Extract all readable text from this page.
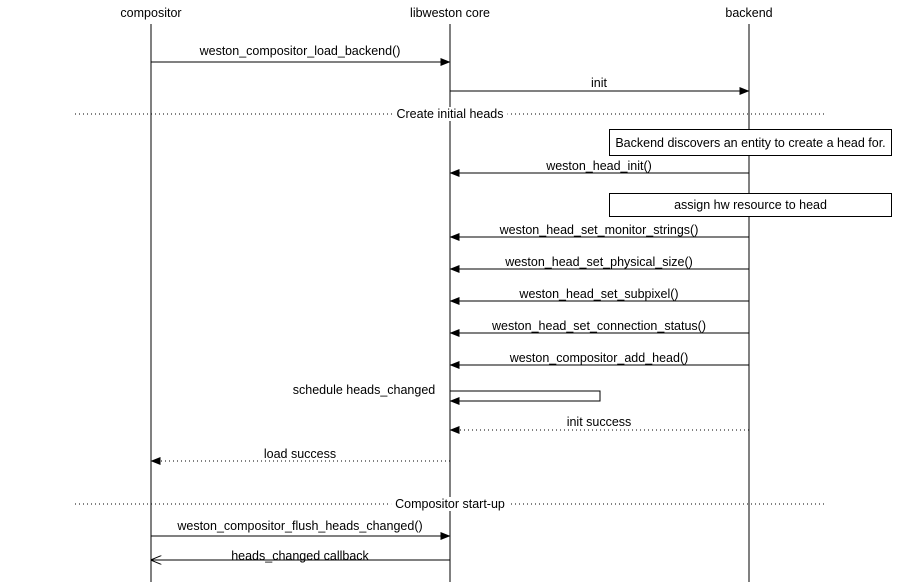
compositor	libweston core	backend
Create initial heads
Compositor start-up
weston_compositor_load_backend()
init
weston_head_init()
weston_head_set_monitor_strings()
weston_head_set_physical_size()
weston_head_set_subpixel()
weston_head_set_connection_status()
weston_compositor_add_head()
schedule heads_changed
init success
load success
weston_compositor_flush_heads_changed()
heads_changed callback
Backend discovers an entity to create a head for.
assign hw resource to head
